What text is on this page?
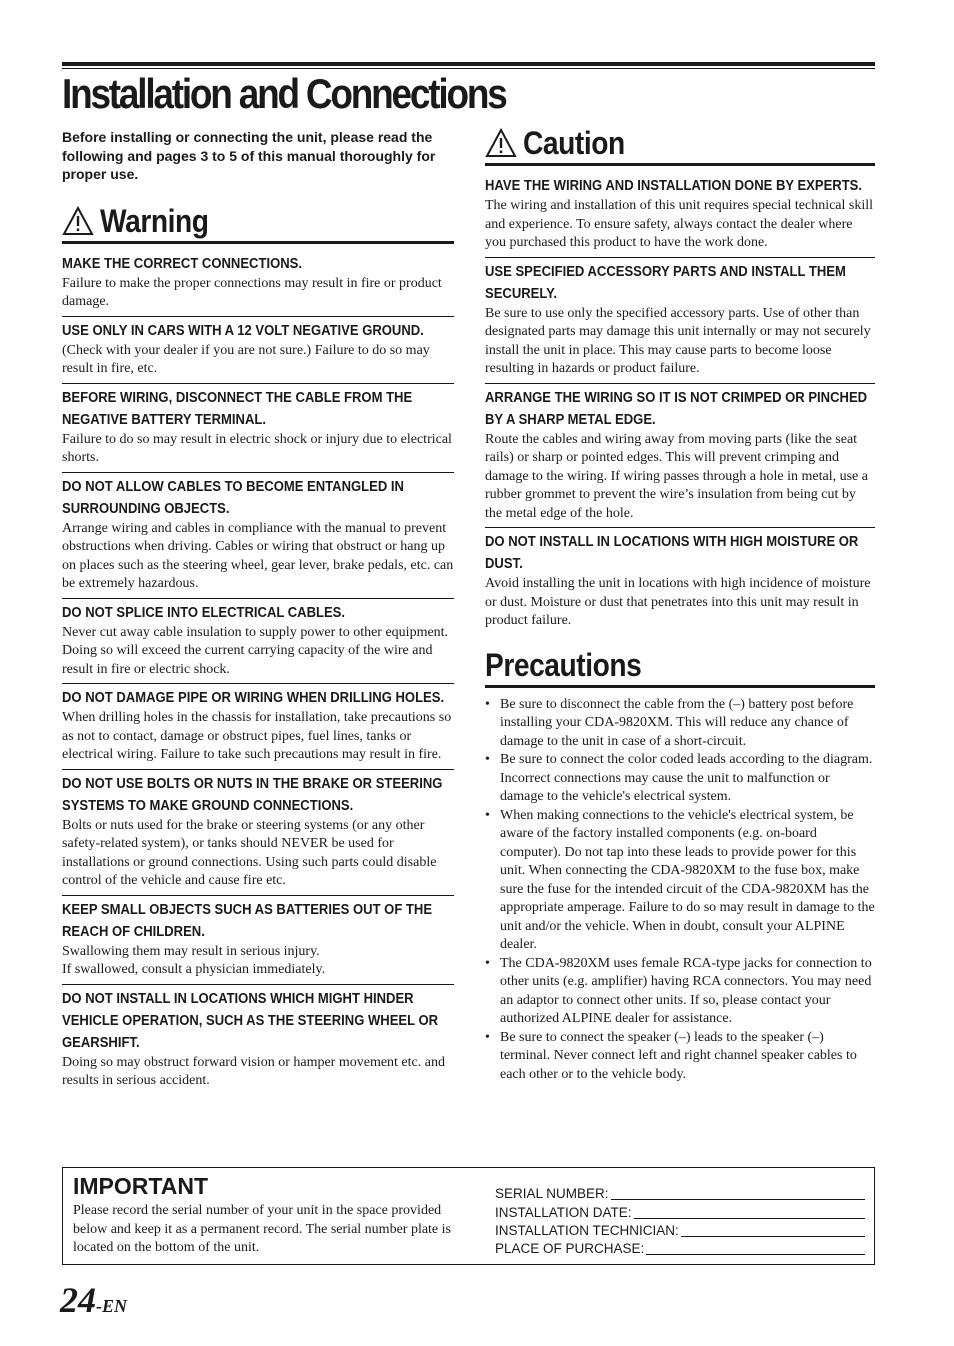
Installation and Connections

Before installing or connecting the unit, please read the following and pages 3 to 5 of this manual thoroughly for proper use.

Warning
MAKE THE CORRECT CONNECTIONS.
Failure to make the proper connections may result in fire or product damage.
USE ONLY IN CARS WITH A 12 VOLT NEGATIVE GROUND.
(Check with your dealer if you are not sure.) Failure to do so may result in fire, etc.
BEFORE WIRING, DISCONNECT THE CABLE FROM THE NEGATIVE BATTERY TERMINAL.
Failure to do so may result in electric shock or injury due to electrical shorts.
DO NOT ALLOW CABLES TO BECOME ENTANGLED IN SURROUNDING OBJECTS.
Arrange wiring and cables in compliance with the manual to prevent obstructions when driving. Cables or wiring that obstruct or hang up on places such as the steering wheel, gear lever, brake pedals, etc. can be extremely hazardous.
DO NOT SPLICE INTO ELECTRICAL CABLES.
Never cut away cable insulation to supply power to other equipment. Doing so will exceed the current carrying capacity of the wire and result in fire or electric shock.
DO NOT DAMAGE PIPE OR WIRING WHEN DRILLING HOLES.
When drilling holes in the chassis for installation, take precautions so as not to contact, damage or obstruct pipes, fuel lines, tanks or electrical wiring. Failure to take such precautions may result in fire.
DO NOT USE BOLTS OR NUTS IN THE BRAKE OR STEERING SYSTEMS TO MAKE GROUND CONNECTIONS.
Bolts or nuts used for the brake or steering systems (or any other safety-related system), or tanks should NEVER be used for installations or ground connections. Using such parts could disable control of the vehicle and cause fire etc.
KEEP SMALL OBJECTS SUCH AS BATTERIES OUT OF THE REACH OF CHILDREN.
Swallowing them may result in serious injury.
If swallowed, consult a physician immediately.
DO NOT INSTALL IN LOCATIONS WHICH MIGHT HINDER VEHICLE OPERATION, SUCH AS THE STEERING WHEEL OR GEARSHIFT.
Doing so may obstruct forward vision or hamper movement etc. and results in serious accident.
Caution
HAVE THE WIRING AND INSTALLATION DONE BY EXPERTS.
The wiring and installation of this unit requires special technical skill and experience. To ensure safety, always contact the dealer where you purchased this product to have the work done.
USE SPECIFIED ACCESSORY PARTS AND INSTALL THEM SECURELY.
Be sure to use only the specified accessory parts. Use of other than designated parts may damage this unit internally or may not securely install the unit in place. This may cause parts to become loose resulting in hazards or product failure.
ARRANGE THE WIRING SO IT IS NOT CRIMPED OR PINCHED BY A SHARP METAL EDGE.
Route the cables and wiring away from moving parts (like the seat rails) or sharp or pointed edges. This will prevent crimping and damage to the wiring. If wiring passes through a hole in metal, use a rubber grommet to prevent the wire’s insulation from being cut by the metal edge of the hole.
DO NOT INSTALL IN LOCATIONS WITH HIGH MOISTURE OR DUST.
Avoid installing the unit in locations with high incidence of moisture or dust. Moisture or dust that penetrates into this unit may result in product failure.
Precautions
• Be sure to disconnect the cable from the (–) battery post before installing your CDA-9820XM. This will reduce any chance of damage to the unit in case of a short-circuit.
• Be sure to connect the color coded leads according to the diagram. Incorrect connections may cause the unit to malfunction or damage to the vehicle's electrical system.
• When making connections to the vehicle's electrical system, be aware of the factory installed components (e.g. on-board computer). Do not tap into these leads to provide power for this unit. When connecting the CDA-9820XM to the fuse box, make sure the fuse for the intended circuit of the CDA-9820XM has the appropriate amperage. Failure to do so may result in damage to the unit and/or the vehicle. When in doubt, consult your ALPINE dealer.
• The CDA-9820XM uses female RCA-type jacks for connection to other units (e.g. amplifier) having RCA connectors. You may need an adaptor to connect other units. If so, please contact your authorized ALPINE dealer for assistance.
• Be sure to connect the speaker (–) leads to the speaker (–) terminal. Never connect left and right channel speaker cables to each other or to the vehicle body.
IMPORTANT
Please record the serial number of your unit in the space provided below and keep it as a permanent record. The serial number plate is located on the bottom of the unit.
SERIAL NUMBER:
INSTALLATION DATE:
INSTALLATION TECHNICIAN:
PLACE OF PURCHASE:
24-EN
